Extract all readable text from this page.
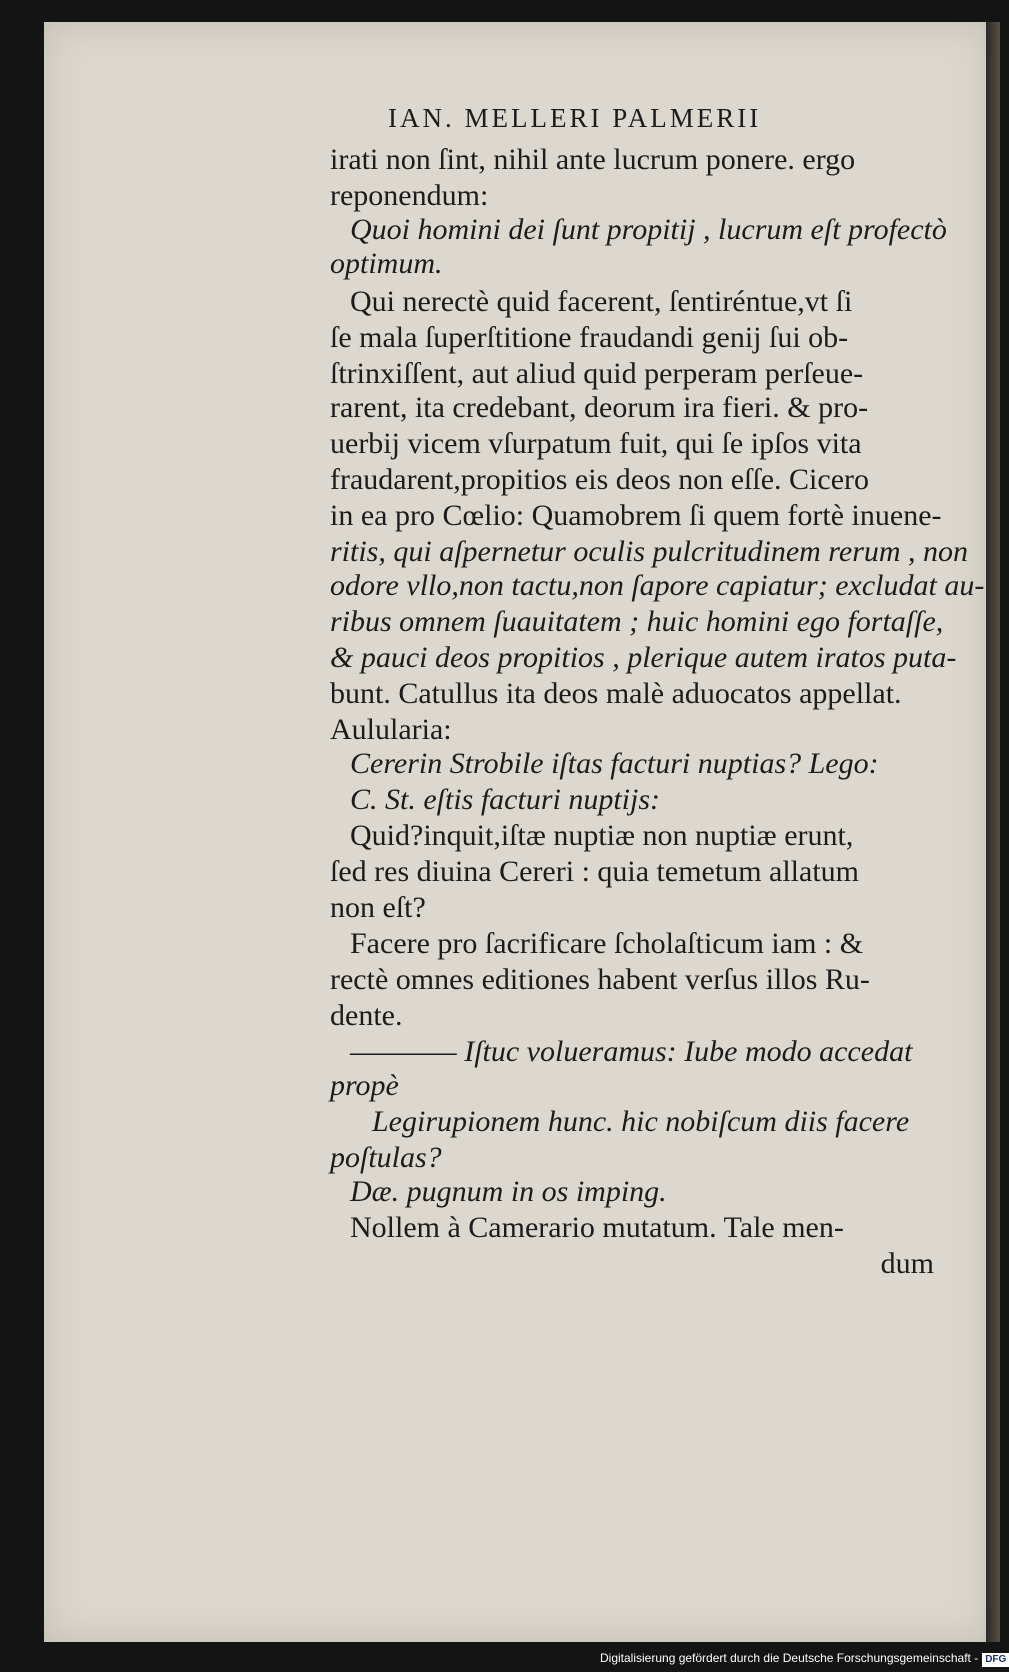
IAN. MELLERI PALMERII

irati non ſint, nihil ante lucrum ponere. ergo

reponendum:

Quoi homini dei ſunt propitij , lucrum eſt profectò

optimum.

Qui nerectè quid facerent, ſentiréntue,vt ſi

ſe mala ſuperſtitione fraudandi genij ſui ob-

ſtrinxiſſent, aut aliud quid perperam perſeue-

rarent, ita credebant, deorum ira fieri. & pro-

uerbij vicem vſurpatum fuit, qui ſe ipſos vita

fraudarent,propitios eis deos non eſſe. Cicero

in ea pro Cœlio: Quamobrem ſi quem fortè inuene-

ritis, qui aſpernetur oculis pulcritudinem rerum , non

odore vllo,non tactu,non ſapore capiatur; excludat au-

ribus omnem ſuauitatem ; huic homini ego fortaſſe,

& pauci deos propitios , plerique autem iratos puta-

bunt. Catullus ita deos malè aduocatos appellat.

Aulularia:

Cererin Strobile iſtas facturi nuptias? Lego:

C. St. eſtis facturi nuptijs:

Quid?inquit,iſtæ nuptiæ non nuptiæ erunt,

ſed res diuina Cereri : quia temetum allatum

non eſt?

Facere pro ſacrificare ſcholaſticum iam : &

rectè omnes editiones habent verſus illos Ru-

dente.

———— Iſtuc volueramus: Iube modo accedat

propè

Legirupionem hunc. hic nobiſcum diis facere

poſtulas?

Dæ. pugnum in os imping.

Nollem à Camerario mutatum. Tale men-

dum

Digitalisierung gefördert durch die Deutsche Forschungsgemeinschaft - DFG
